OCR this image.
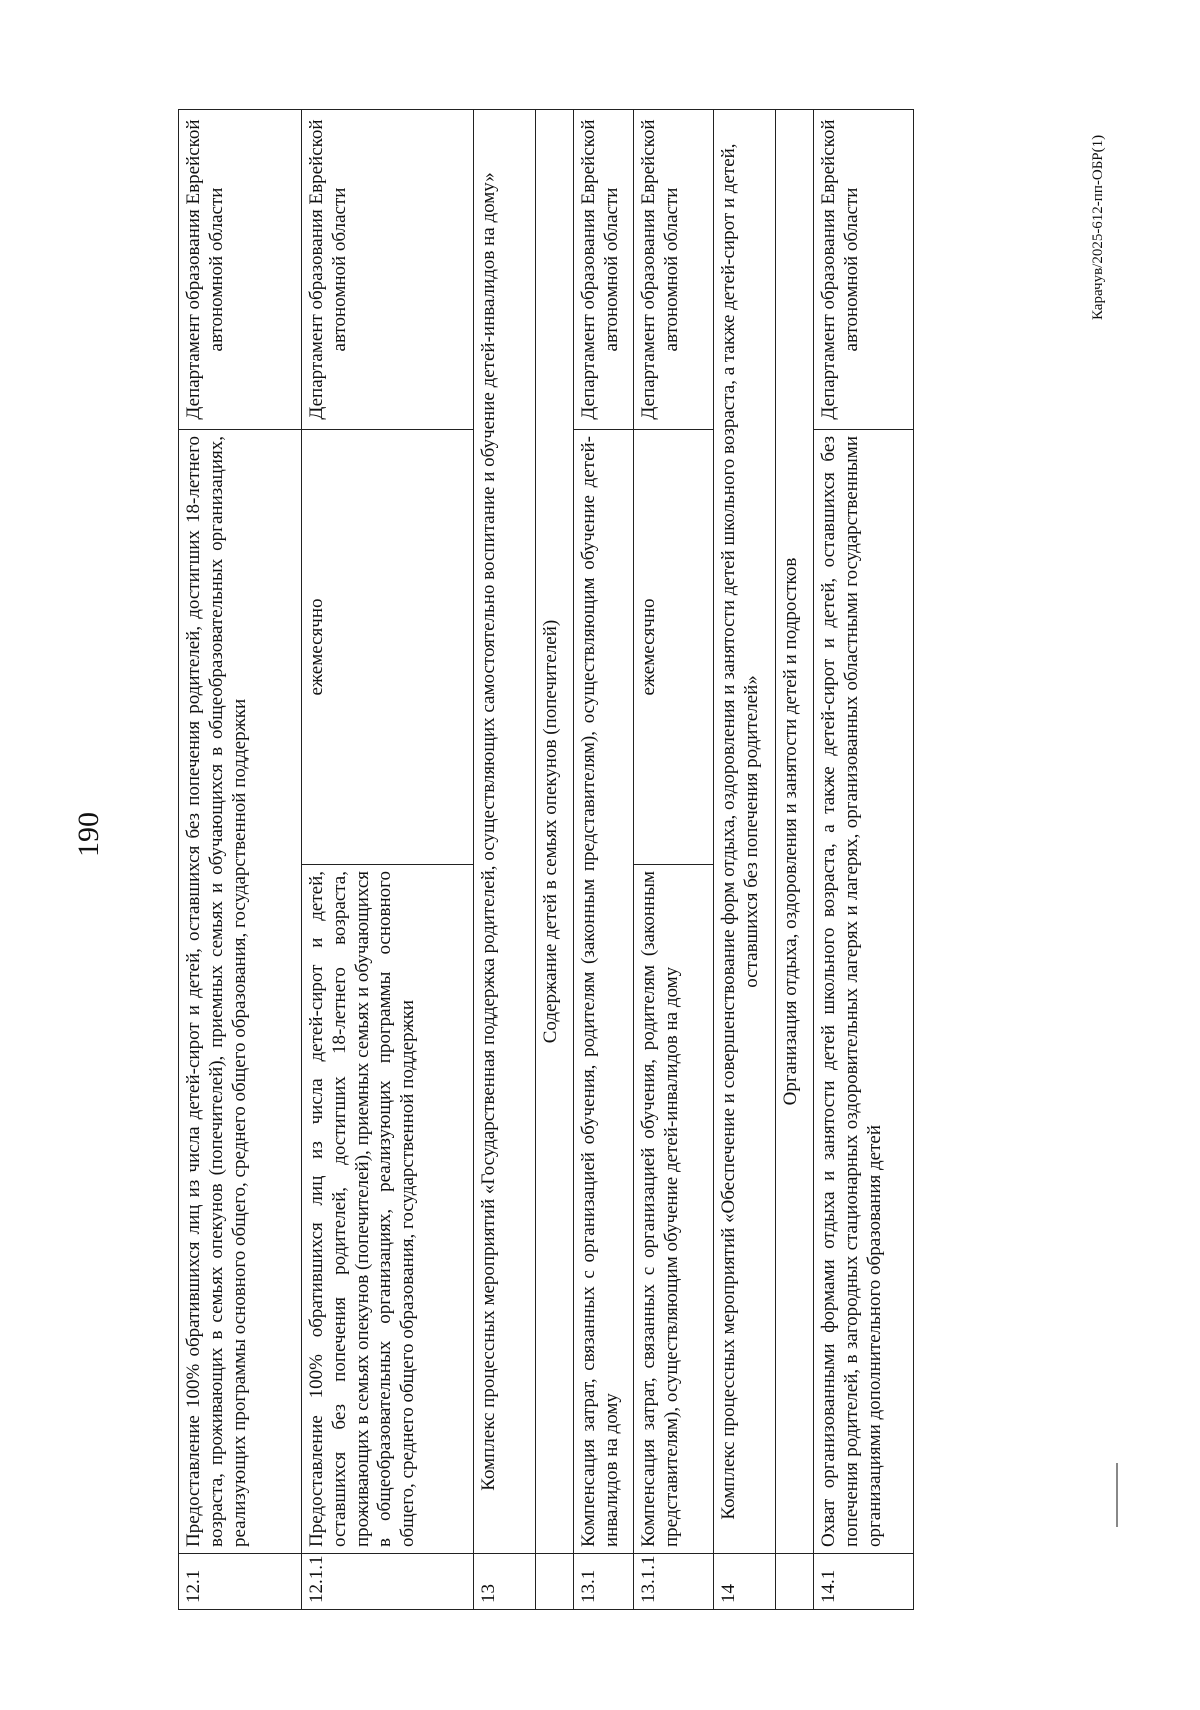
190
Карачув/2025-612-пп-ОБР(1)
12.1	Предоставление 100% обратившихся лиц из числа детей-сирот и детей, оставшихся без попечения родителей, достигших 18-летнего возраста, проживающих в семьях опекунов (попечителей), приемных семьях и обучающихся в общеобразовательных организациях, реализующих программы основного общего, среднего общего образования, государственной поддержки		Департамент образования Еврейской автономной области
12.1.1	Предоставление 100% обратившихся лиц из числа детей-сирот и детей, оставшихся без попечения родителей, достигших 18-летнего возраста, проживающих в семьях опекунов (попечителей), приемных семьях и обучающихся в общеобразовательных организациях, реализующих программы основного общего, среднего общего образования, государственной поддержки	ежемесячно	Департамент образования Еврейской автономной области
13	Комплекс процессных мероприятий «Государственная поддержка родителей, осуществляющих самостоятельно воспитание и обучение детей-инвалидов на дому»		
	Содержание детей в семьях опекунов (попечителей)		
13.1	Компенсация затрат, связанных с организацией обучения, родителям (законным представителям), осуществляющим обучение детей-инвалидов на дому		Департамент образования Еврейской автономной области
13.1.1	Компенсация затрат, связанных с организацией обучения, родителям (законным представителям), осуществляющим обучение детей-инвалидов на дому	ежемесячно	Департамент образования Еврейской автономной области
14	Комплекс процессных мероприятий «Обеспечение и совершенствование форм отдыха, оздоровления и занятости детей школьного возраста, а также детей-сирот и детей, оставшихся без попечения родителей»		
	Организация отдыха, оздоровления и занятости детей и подростков		
14.1	Охват организованными формами отдыха и занятости детей школьного возраста, а также детей-сирот и детей, оставшихся без попечения родителей, в загородных стационарных оздоровительных лагерях и лагерях, организованных областными государственными организациями дополнительного образования детей		Департамент образования Еврейской автономной области
